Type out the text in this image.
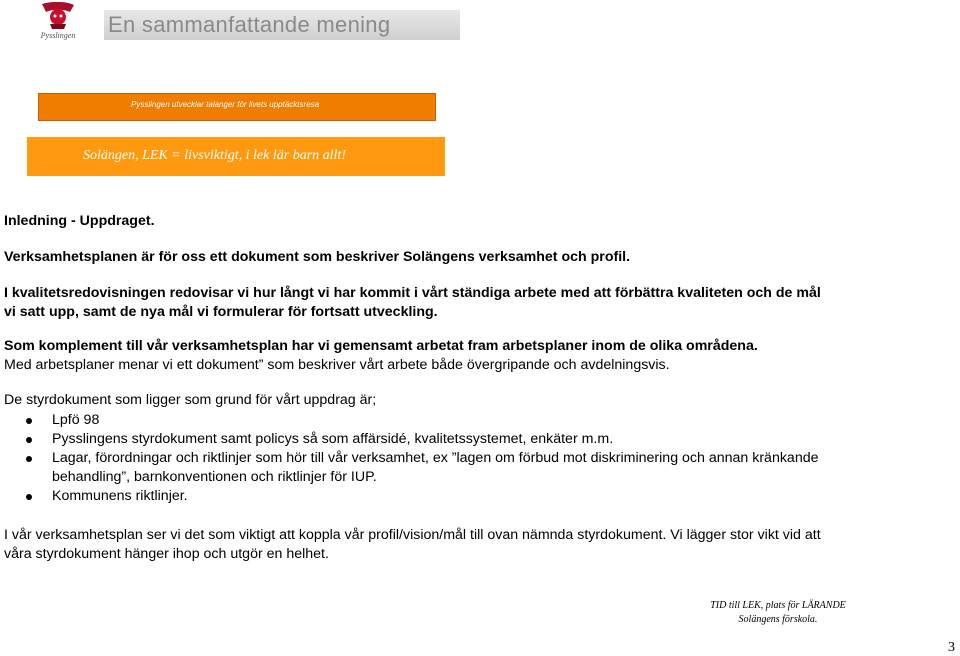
Pysslingen En sammanfattande mening
Pysslingen utvecklar talanger för livets upptäcktsresa
Solängen, LEK = livsviktigt, i lek lär barn allt!
Inledning - Uppdraget.
Verksamhetsplanen är för oss ett dokument som beskriver Solängens verksamhet och profil.
I kvalitetsredovisningen redovisar vi hur långt vi har kommit i vårt ständiga arbete med att förbättra kvaliteten och de mål
vi satt upp, samt de nya mål vi formulerar för fortsatt utveckling.
Som komplement till vår verksamhetsplan har vi gemensamt arbetat fram arbetsplaner inom de olika områdena.
Med arbetsplaner menar vi ett dokument” som beskriver vårt arbete både övergripande och avdelningsvis.
De styrdokument som ligger som grund för vårt uppdrag är;
Lpfö 98
Pysslingens styrdokument samt policys så som affärsidé, kvalitetssystemet, enkäter m.m.
Lagar, förordningar och riktlinjer som hör till vår verksamhet, ex ”lagen om förbud mot diskriminering och annan kränkande
behandling”, barnkonventionen och riktlinjer för IUP.
Kommunens riktlinjer.
I vår verksamhetsplan ser vi det som viktigt att koppla vår profil/vision/mål till ovan nämnda styrdokument. Vi lägger stor vikt vid att
våra styrdokument hänger ihop och utgör en helhet.
TID till LEK, plats för LÄRANDE
Solängens förskola.
3
